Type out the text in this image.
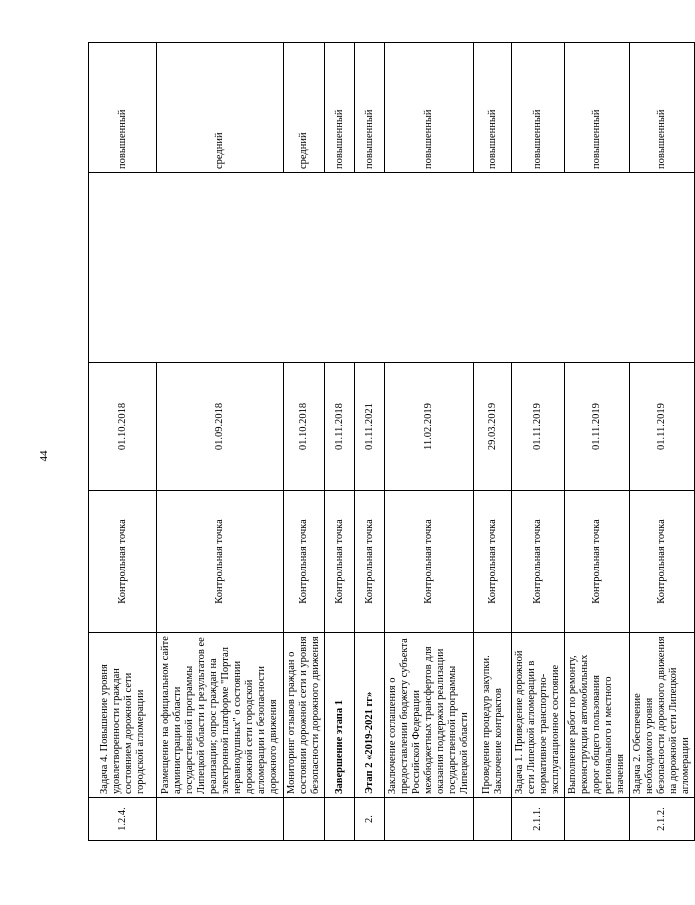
44
1.2.4.	Задача 4. Повышение уровня удовлетворенности граждан состоянием дорожной сети городской агломерации	Контрольная точка	01.10.2018		повышенный
	Размещение на официальном сайте администрации области государственной программы Липецкой области и результатов ее реализации; опрос граждан на электронной платформе "Портал неравнодушных" о состоянии дорожной сети городской агломерации и безопасности дорожного движения	Контрольная точка	01.09.2018		средний
	Мониторинг отзывов граждан о состоянии дорожной сети и уровня безопасности дорожного движения	Контрольная точка	01.10.2018		средний
	Завершение этапа 1	Контрольная точка	01.11.2018		повышенный
2.	Этап 2 «2019-2021 гг»	Контрольная точка	01.11.2021		повышенный
	Заключение соглашения о предоставлении бюджету субъекта Российской Федерации межбюджетных трансфертов для оказания поддержки реализации государственной программы Липецкой области	Контрольная точка	11.02.2019		повышенный
	Проведение процедур закупки. Заключение контрактов	Контрольная точка	29.03.2019		повышенный
2.1.1.	Задача 1. Приведение дорожной сети Липецкой агломерации в нормативное транспортно-эксплуатационное состояние	Контрольная точка	01.11.2019		повышенный
	Выполнение работ по ремонту, реконструкции автомобильных дорог общего пользования регионального и местного значения	Контрольная точка	01.11.2019		повышенный
2.1.2.	Задача 2. Обеспечение необходимого уровня безопасности дорожного движения на дорожной сети Липецкой агломерации	Контрольная точка	01.11.2019		повышенный
